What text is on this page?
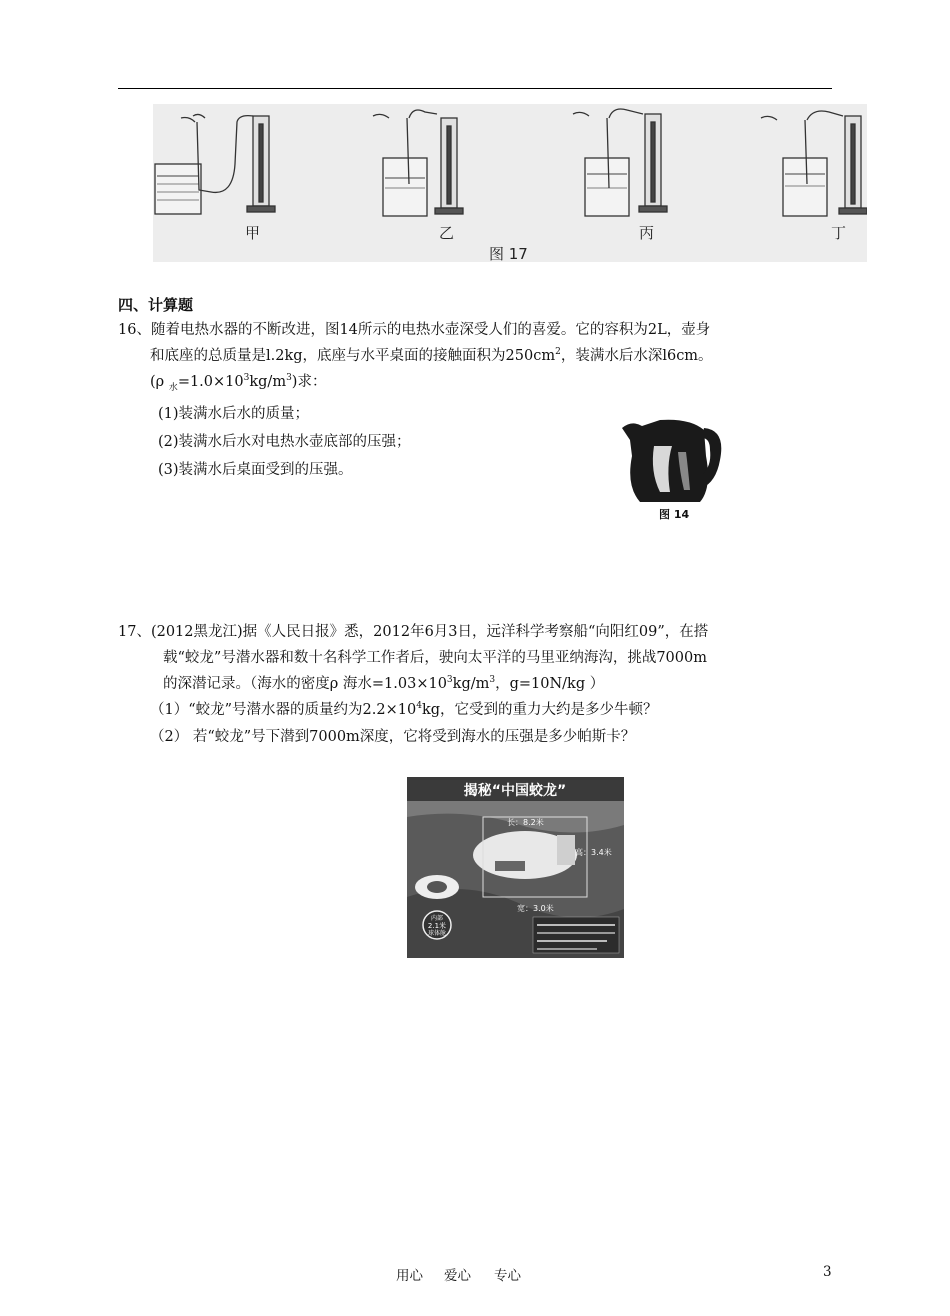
甲	乙	丙	丁
图 17
四、计算题
16、随着电热水器的不断改进，图14所示的电热水壶深受人们的喜爱。它的容积为2L，壶身
和底座的总质量是l.2kg，底座与水平桌面的接触面积为$250cm^2$，装满水后水深l6cm。
(ρ $_水=1.0\times 10^3kg/m^3$)求：
(1)装满水后水的质量；
(2)装满水后水对电热水壶底部的压强；
(3)装满水后桌面受到的压强。
图 14
17、(2012黑龙江)据《人民日报》悉，2012年6月3日，远洋科学考察船“向阳红09”，在搭
载“蛟龙”号潜水器和数十名科学工作者后，驶向太平洋的马里亚纳海沟，挑战7000m
的深潜记录。（海水的密度ρ 海水$=1.03\times 10^3kg/m^3$，g=10N/kg ）
（1）“蛟龙”号潜水器的质量约为$2.2\times 10^4kg$，它受到的重力大约是多少牛顿？
（2） 若“蛟龙”号下潜到7000m深度，它将受到海水的压强是多少帕斯卡？
揭秘“中国蛟龙”
长：8.2米
高：3.4米
宽：3.0米
内部
2.1米
球体舱
用心 爱心 专心	3
